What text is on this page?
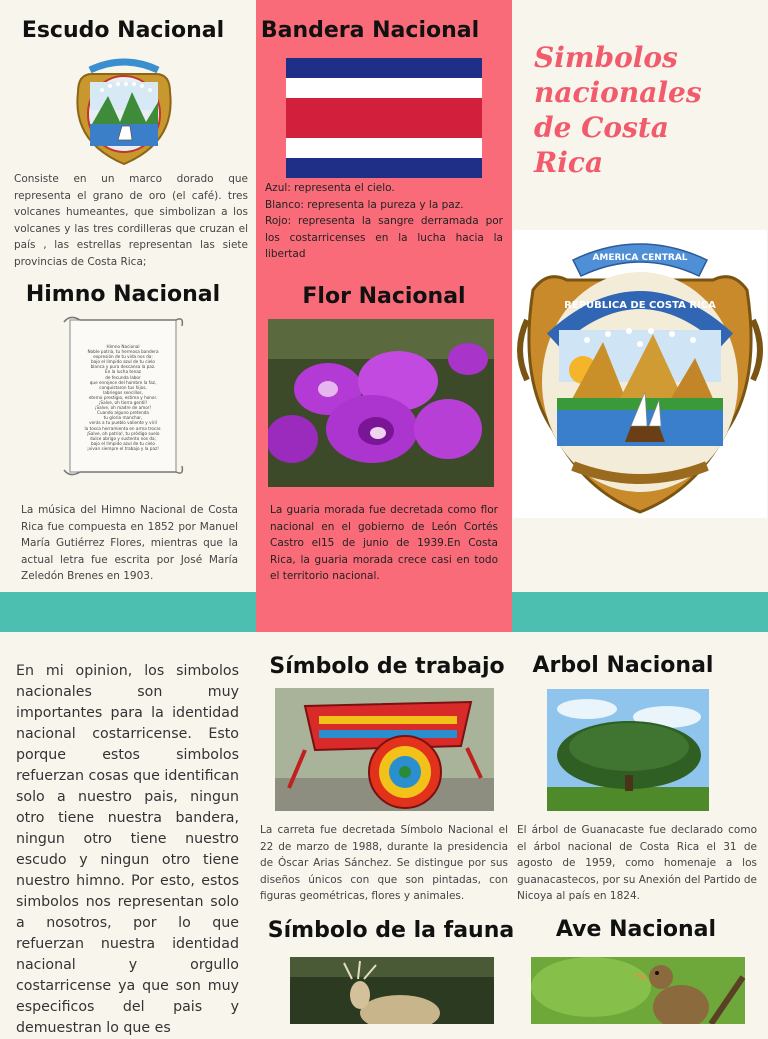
Escudo Nacional

Consiste en un marco dorado que representa el grano de oro (el café). tres volcanes humeantes, que simbolizan a los volcanes y las tres cordilleras que cruzan el país , las estrellas representan las siete provincias de Costa Rica;

Bandera Nacional

Azul: representa el cielo.

Blanco: representa la pureza y la paz.

Rojo: representa la sangre derramada por los costarricenses en la lucha hacia la libertad

Simbolos nacionales de Costa Rica
AMERICA CENTRAL
REPUBLICA DE COSTA RICA
Himno Nacional
Himno Nacional
Noble patria, tu hermosa bandera
expresión de tu vida nos da:
bajo el límpido azul de tu cielo
blanca y pura descansa la paz.
En la lucha tenaz
de fecunda labor
que enrojece del hombre la faz,
conquistaron tus hijos,
labriegos sencillos,
eterno prestigio, estima y honor.
¡Salve, oh tierra gentil!
¡Salve, oh madre de amor!
Cuando alguno pretenda
tu gloria manchar,
verás a tu pueblo valiente y viril
la tosca herramienta en arma trocar.
¡Salve, oh patria!, tu pródigo suelo
dulce abrigo y sustento nos da;
bajo el límpido azul de tu cielo
¡vivan siempre el trabajo y la paz!

La música del Himno Nacional de Costa Rica fue compuesta en 1852 por Manuel María Gutiérrez Flores, mientras que la actual letra fue escrita por José María Zeledón Brenes en 1903.

Flor Nacional

La guaria morada fue decretada como flor nacional en el gobierno de León Cortés Castro el15 de junio de 1939.En Costa Rica, la guaria morada crece casi en todo el territorio nacional.

En mi opinion, los simbolos nacionales son muy importantes para la identidad nacional costarricense. Esto porque estos simbolos refuerzan cosas que identifican solo a nuestro pais, ningun otro tiene nuestra bandera, ningun otro tiene nuestro escudo y ningun otro tiene nuestro himno. Por esto, estos simbolos nos representan solo a nosotros, por lo que refuerzan nuestra identidad nacional y orgullo costarricense ya que son muy especificos del pais y demuestran lo que es

Símbolo de trabajo

La carreta fue decretada Símbolo Nacional el 22 de marzo de 1988, durante la presidencia de Óscar Arias Sánchez. Se distingue por sus diseños únicos con que son pintadas, con figuras geométricas, flores y animales.

Arbol Nacional

El árbol de Guanacaste fue declarado como el árbol nacional de Costa Rica el 31 de agosto de 1959, como homenaje a los guanacastecos, por su Anexión del Partido de Nicoya al país en 1824.

Símbolo de la fauna	Ave Nacional
